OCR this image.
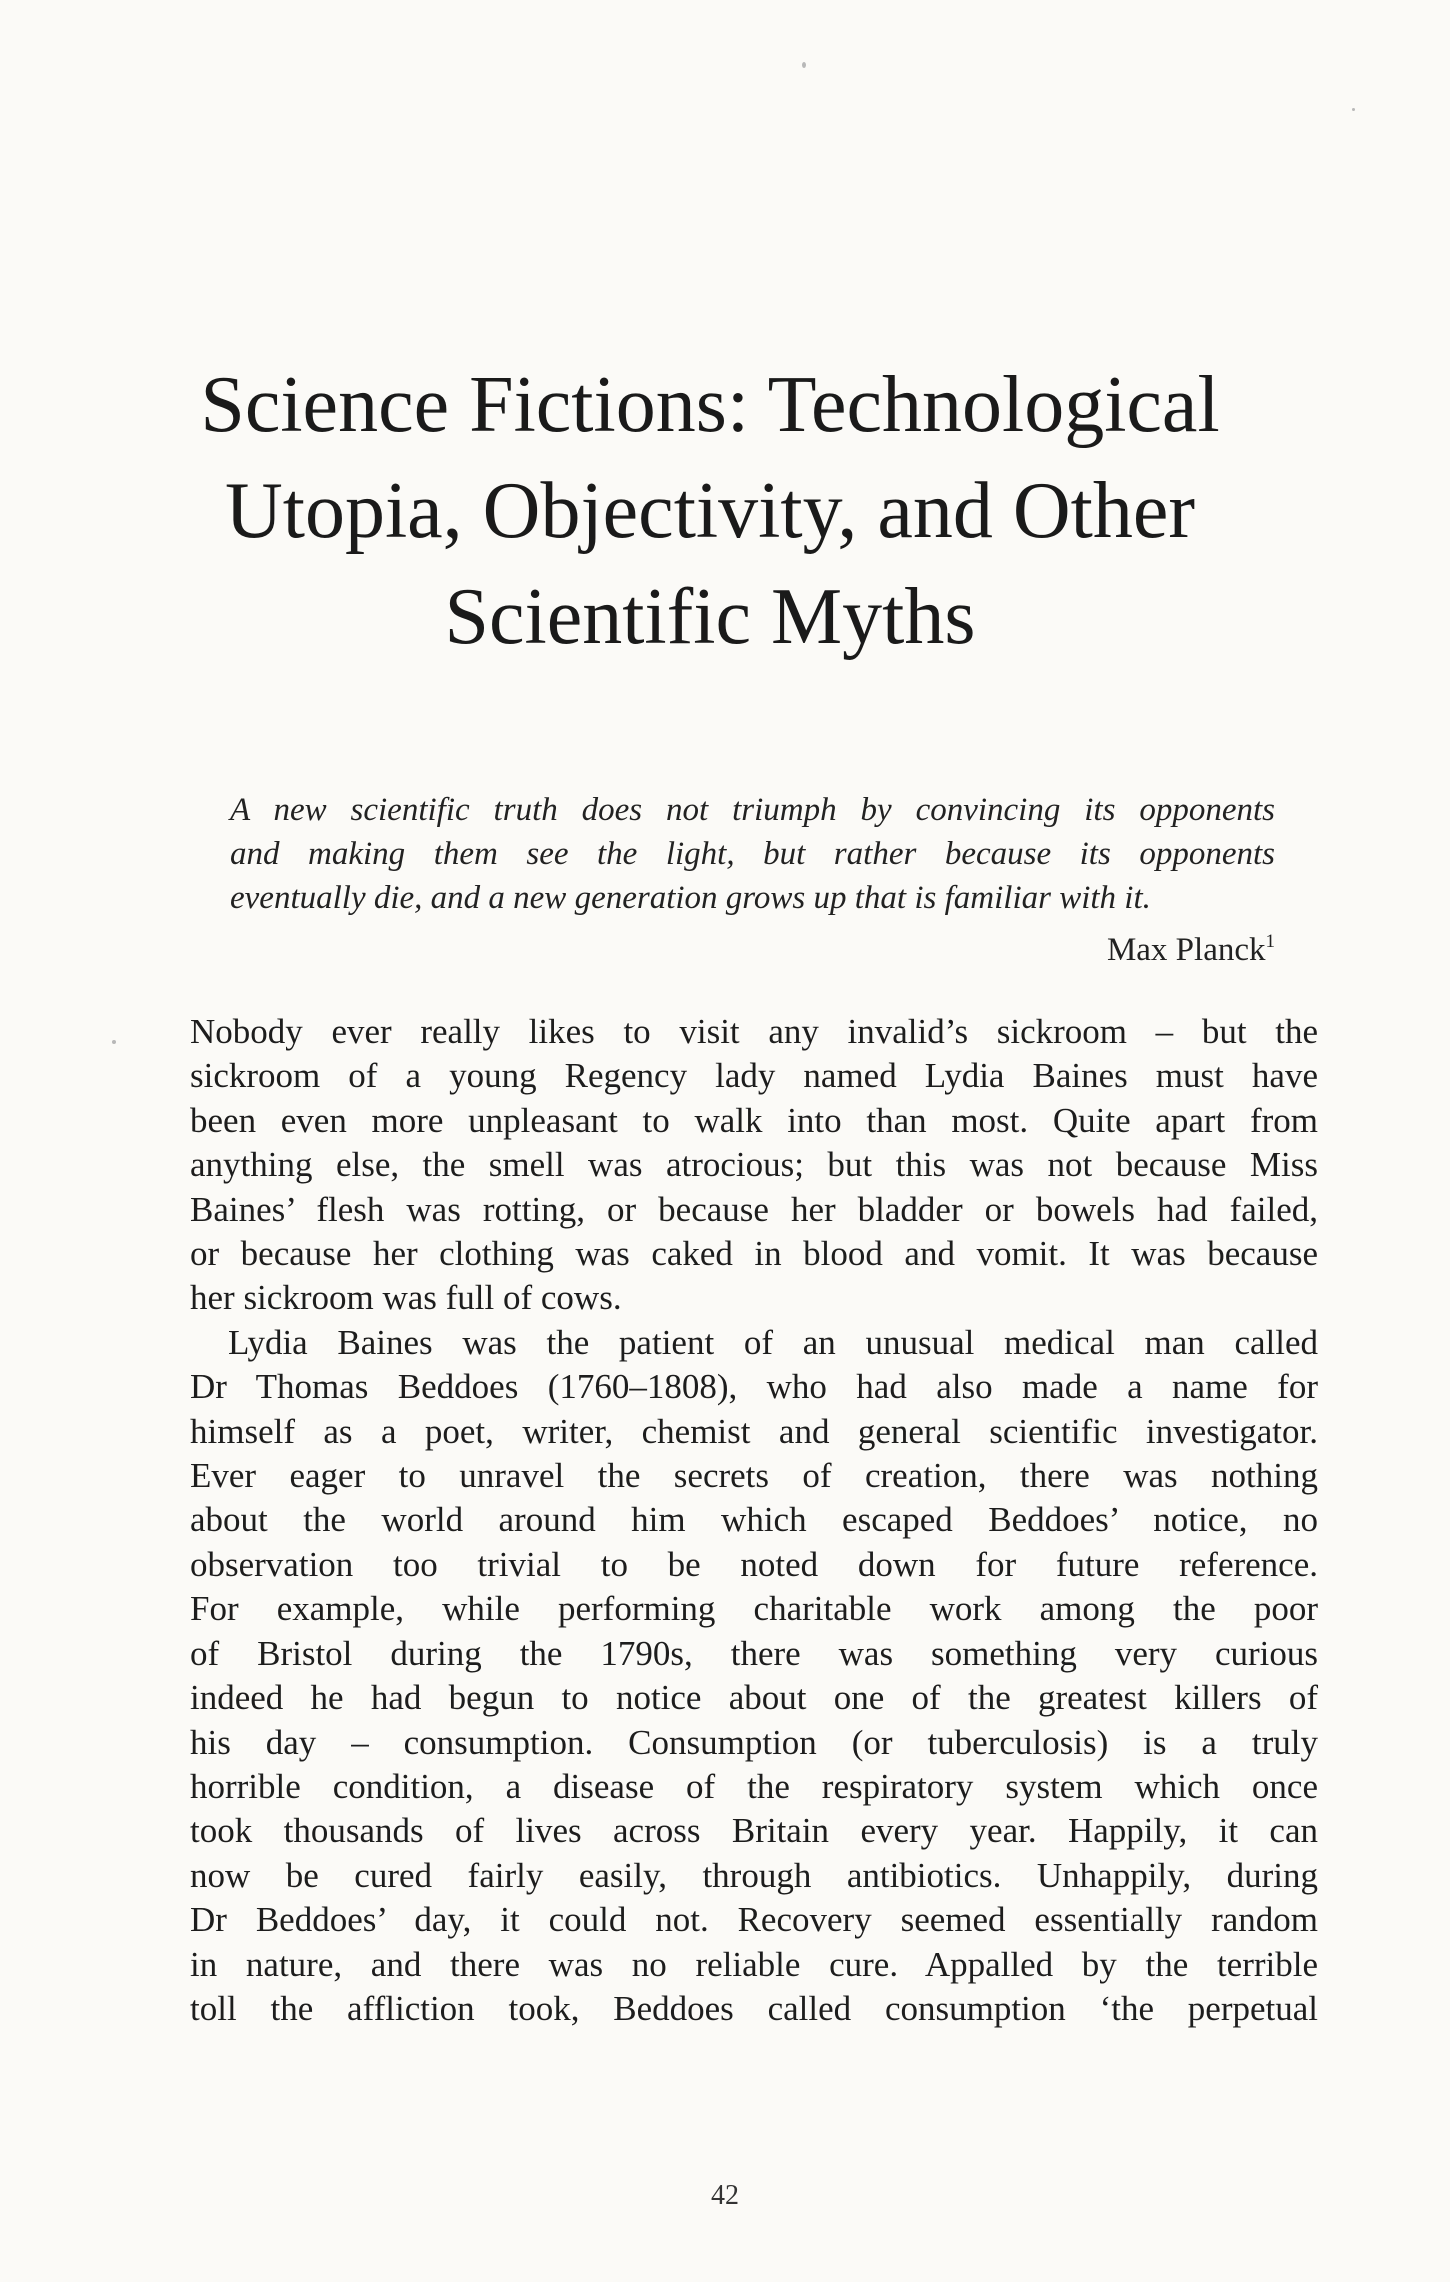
Science Fictions: Technological
Utopia, Objectivity, and Other
Scientific Myths
A new scientific truth does not triumph by convincing its opponents
and making them see the light, but rather because its opponents
eventually die, and a new generation grows up that is familiar with it.
Max Planck$^1$
Nobody ever really likes to visit any invalid’s sickroom – but the
sickroom of a young Regency lady named Lydia Baines must have
been even more unpleasant to walk into than most. Quite apart from
anything else, the smell was atrocious; but this was not because Miss
Baines’ flesh was rotting, or because her bladder or bowels had failed,
or because her clothing was caked in blood and vomit. It was because
her sickroom was full of cows.
Lydia Baines was the patient of an unusual medical man called
Dr Thomas Beddoes (1760–1808), who had also made a name for
himself as a poet, writer, chemist and general scientific investigator.
Ever eager to unravel the secrets of creation, there was nothing
about the world around him which escaped Beddoes’ notice, no
observation too trivial to be noted down for future reference.
For example, while performing charitable work among the poor
of Bristol during the 1790s, there was something very curious
indeed he had begun to notice about one of the greatest killers of
his day – consumption. Consumption (or tuberculosis) is a truly
horrible condition, a disease of the respiratory system which once
took thousands of lives across Britain every year. Happily, it can
now be cured fairly easily, through antibiotics. Unhappily, during
Dr Beddoes’ day, it could not. Recovery seemed essentially random
in nature, and there was no reliable cure. Appalled by the terrible
toll the affliction took, Beddoes called consumption ‘the perpetual
42
